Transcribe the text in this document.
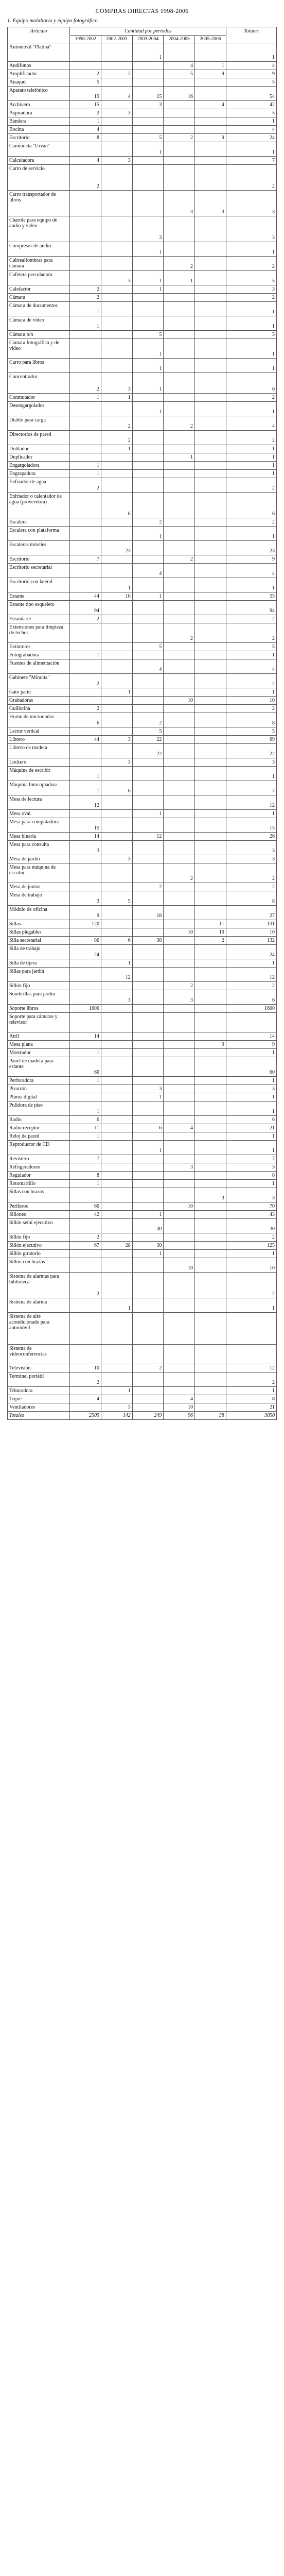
COMPRAS DIRECTAS 1998-2006
1. Equipo mobiliario y equipo fotográfico
Artículo	Cantidad por periodos					Totales
	1998-2002	2002-2003	2003-2004	2004-2005	2005-2006	
Automóvil "Platina"			1			1
Audífonos				4	1	4
Amplificador	2	2		5	9	9
Anaquel	5					5
Aparato telefónico	19	4	15	16		54
Archivero	15		3		4	42
Aspiradora	2	3				5
Bandera	1					1
Bocina	4					4
Escritorio	8		5	2	9	24
Camioneta "Urvan"			1			1
Calculadora	4	3				7
Carro de servicio	2					2
Carro transportador de libros				3	3	3
Charola para equipo de audio y video			3			3
Compresor de audio			1			1
Cubrealfombras para cámara				2		2
Cafetera percoladora		3	1	1		5
Calefactor	2		1			3
Cámara	2					2
Cámara de documentos	1					1
Cámara de video	1					1
Cámara b/n			5			5
Cámara fotográfica y de video			1			1
Carro para libros			1			1
Concentrador	2	3	1			6
Conmutador	1	1				2
Desengargolador			1			1
Diablo para carga		2		2		4
Directorios de pared		2				2
Doblador		1				1
Duplicador				1		1
Engargoladora	1					1
Engrapadora	1					1
Enfriador de agua	2					2
Enfriador o calentador de agua (proveedora)		6				6
Escalera			2			2
Escalera con plataforma			1			1
Escaleras móviles		23				23
Escritorio	7			2		9
Escritorio secretarial			4			4
Escritorio con lateral		1				1
Estante	44	10	1			55
Estante tipo esqueleto	94					94
Estandarte	2					2
Extensiones para limpieza de techos				2		2
Extintores			5			5
Fotograbadora	1					1
Fuentes de alimentación			4			4
Gabinete "Minolta"	2					2
Gato patín		1				1
Grabadoras				10		10
Guillotina	2					2
Horno de microondas	6		2			8
Lector vertical			5			5
Librero	44	3	22			69
Librero de madera			22			22
Lockers		3				3
Máquina de escribir	1					1
Máquina fotocopiadora	1	6				7
Mesa de lectura	12					12
Mesa oval			1			1
Mesa para computadora	15					15
Mesa binaria	14		12			26
Mesa para consulta	3					3
Mesa de jardín		3				3
Mesa para máquina de escribir				2		2
Mesa de juntas			2			2
Mesa de trabajo	3	5				8
Módulo de oficina	9		18			27
Sillas	120				11	131
Sillas plegables				10	10	10
Silla secretarial	86	6	38		2	132
Silla de trabajo	24					24
Silla de tijera		1				1
Sillas para jardín		12				12
Sillón fijo				2		2
Sombrillas para jardín		3		3		6
Soporte libros	1600					1600
Soporte para cámaras y televisor						
Atril	14					14
Mesa plana					9	9
Mostrador	1					1
Panel de madera para estante	60					60
Perforadora	1					1
Pizarrón			3			3
Pluma digital			1			1
Pulidora de piso	1					1
Radio	6					6
Radio receptor	11		6	4		21
Reloj de pared	1					1
Reproductor de CD			1			1
Revistero	7					7
Refrigeradores				3		3
Regulador	8					8
Rotomartillo	1					1
Sillas con brazos					3	3
Periferos	60			10		70
Sillones	42		1			43
Sillón semi ejecutivo			30			30
Sillón fijo	2					2
Sillón ejecutivo	67	28	30			125
Sillón giratorio			1			1
Sillón con brazos				10		10
Sistema de alarmas para biblioteca	2					2
Sistema de alarma		1				1
Sistema de aire acondicionado para automóvil						
Sistema de videoconferencias						
Televisión	10		2			12
Terminal portátil	2					2
Trituradora		1				1
Tripié	4			4		8
Ventiladores		3		10		21
Totales	2505	142	249	96	58	3050
